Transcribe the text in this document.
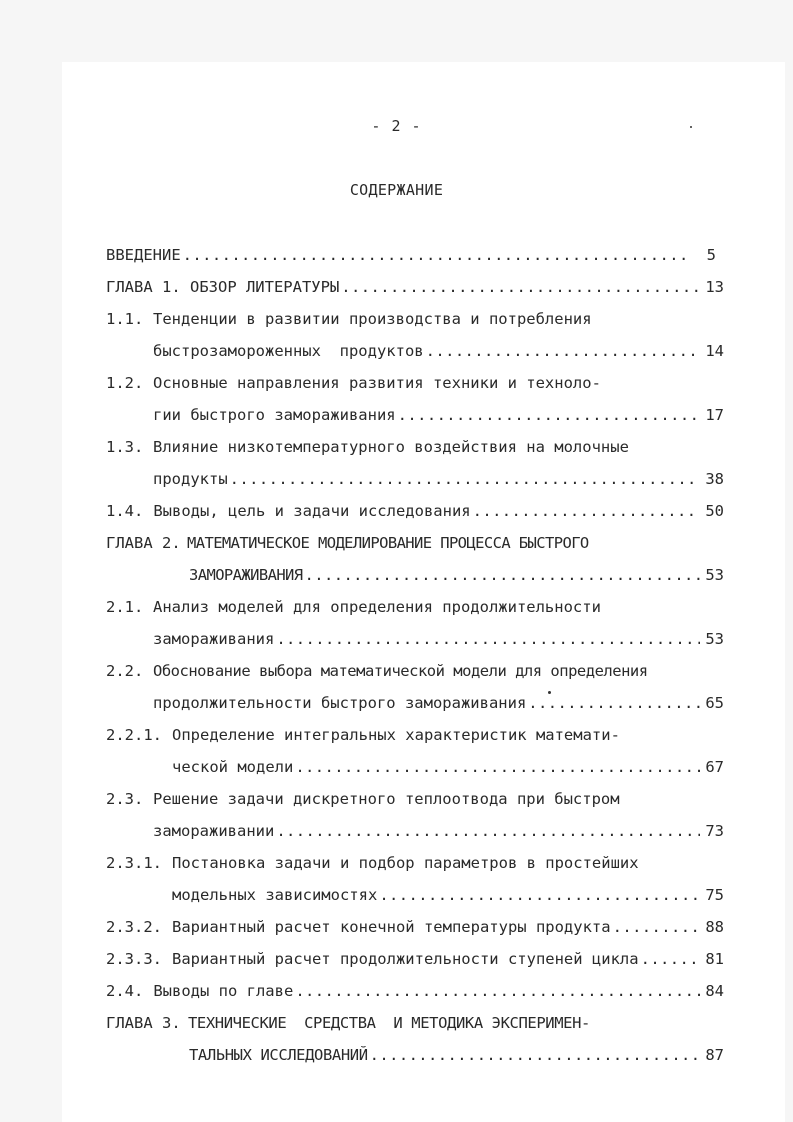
- 2 -
СОДЕРЖАНИЕ
ВВЕДЕНИЕ .....	5
ГЛАВА 1. ОБЗОР ЛИТЕРАТУРЫ .....	13
1.1. Тенденции в развитии производства и потребления
быстрозамороженных  продуктов .....	14
1.2. Основные направления развития техники и техноло-
гии быстрого замораживания .....	17
1.3. Влияние низкотемпературного воздействия на молочные
продукты .....	38
1.4. Выводы, цель и задачи исследования .....	50
ГЛАВА 2. МАТЕМАТИЧЕСКОЕ МОДЕЛИРОВАНИЕ ПРОЦЕССА БЫСТРОГО
ЗАМОРАЖИВАНИЯ .....	53
2.1. Анализ моделей для определения продолжительности
замораживания .....	53
2.2. Обоснование выбора математической модели для определения
продолжительности быстрого замораживания .....	65
2.2.1. Определение интегральных характеристик математи-
ческой модели .....	67
2.3. Решение задачи дискретного теплоотвода при быстром
замораживании .....	73
2.3.1. Постановка задачи и подбор параметров в простейших
модельных зависимостях .....	75
2.3.2. Вариантный расчет конечной температуры продукта .....	88
2.3.3. Вариантный расчет продолжительности ступеней цикла .....	81
2.4. Выводы по главе .....	84
ГЛАВА 3. ТЕХНИЧЕСКИЕ  СРЕДСТВА  И МЕТОДИКА ЭКСПЕРИМЕН-
ТАЛЬНЫХ ИССЛЕДОВАНИЙ .....	87
